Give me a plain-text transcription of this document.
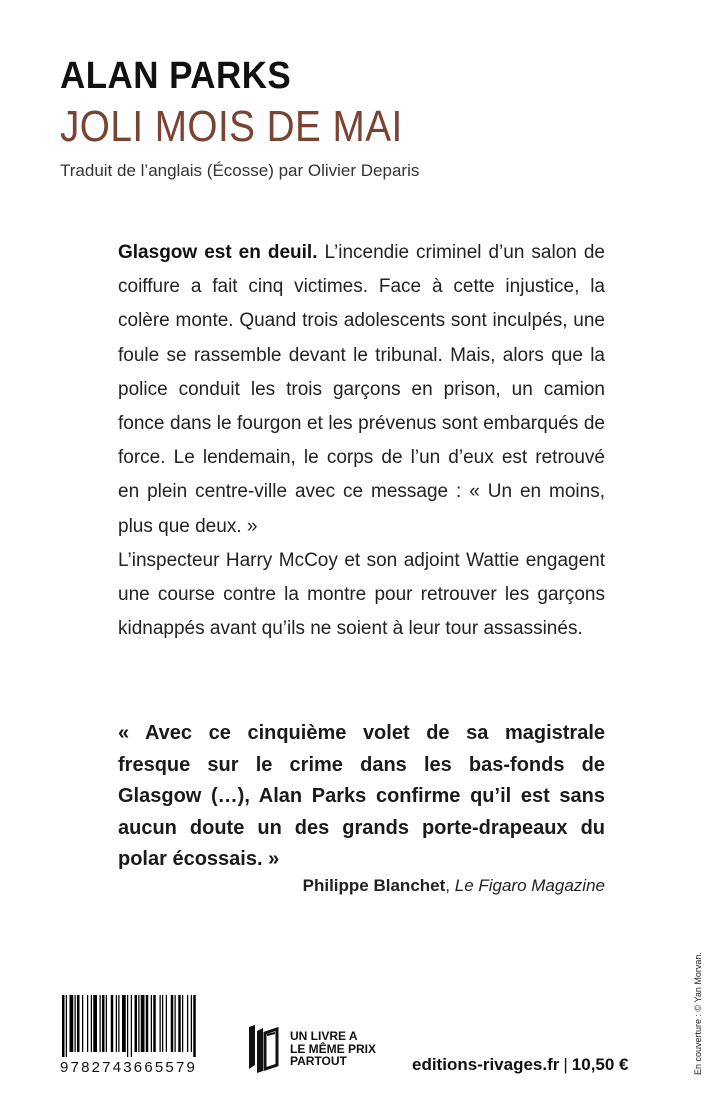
ALAN PARKS
JOLI MOIS DE MAI
Traduit de l’anglais (Écosse) par Olivier Deparis

Glasgow est en deuil. L’incendie criminel d’un salon de coiffure a fait cinq victimes. Face à cette injustice, la colère monte. Quand trois adolescents sont inculpés, une foule se rassemble devant le tribunal. Mais, alors que la police conduit les trois garçons en prison, un camion fonce dans le fourgon et les prévenus sont embarqués de force. Le lendemain, le corps de l’un d’eux est retrouvé en plein centre-ville avec ce message : « Un en moins, plus que deux. »

L’inspecteur Harry McCoy et son adjoint Wattie engagent une course contre la montre pour retrouver les garçons kidnappés avant qu’ils ne soient à leur tour assassinés.

« Avec ce cinquième volet de sa magistrale fresque sur le crime dans les bas-fonds de Glasgow (…), Alan Parks confirme qu’il est sans aucun doute un des grands porte-drapeaux du polar écossais. »
Philippe Blanchet, Le Figaro Magazine
En couverture : © Yan Morvan.
9782743665579
UN LIVRE A
LE MÊME PRIX
PARTOUT	editions-rivages.fr | 10,50 €
